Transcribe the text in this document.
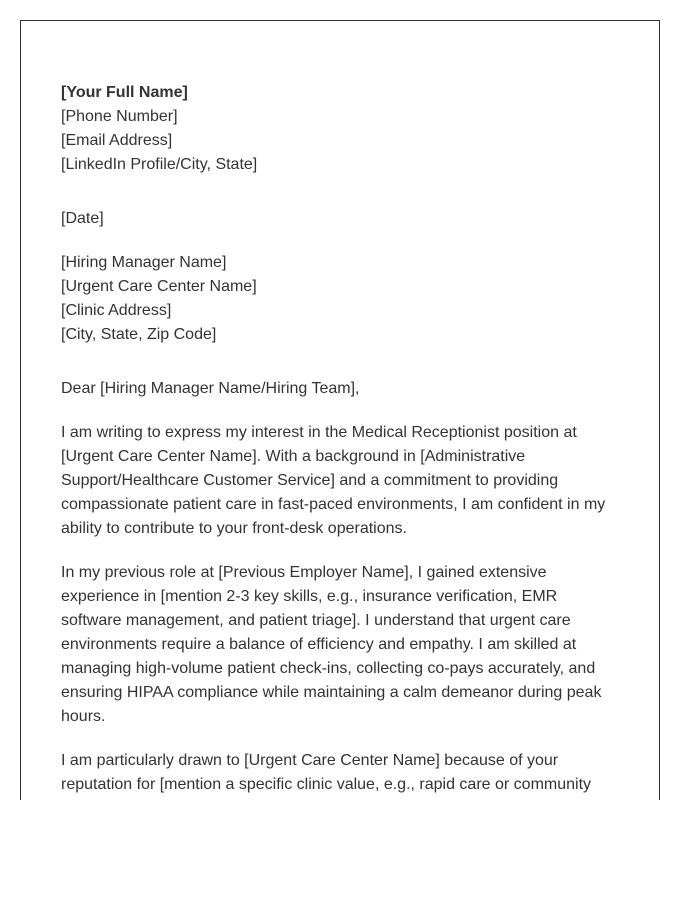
[Your Full Name]
[Phone Number]
[Email Address]
[LinkedIn Profile/City, State]
[Date]
[Hiring Manager Name]
[Urgent Care Center Name]
[Clinic Address]
[City, State, Zip Code]
Dear [Hiring Manager Name/Hiring Team],

I am writing to express my interest in the Medical Receptionist position at [Urgent Care Center Name]. With a background in [Administrative Support/Healthcare Customer Service] and a commitment to providing compassionate patient care in fast-paced environments, I am confident in my ability to contribute to your front-desk operations.

In my previous role at [Previous Employer Name], I gained extensive experience in [mention 2-3 key skills, e.g., insurance verification, EMR software management, and patient triage]. I understand that urgent care environments require a balance of efficiency and empathy. I am skilled at managing high-volume patient check-ins, collecting co-pays accurately, and ensuring HIPAA compliance while maintaining a calm demeanor during peak hours.

I am particularly drawn to [Urgent Care Center Name] because of your reputation for [mention a specific clinic value, e.g., rapid care or community
